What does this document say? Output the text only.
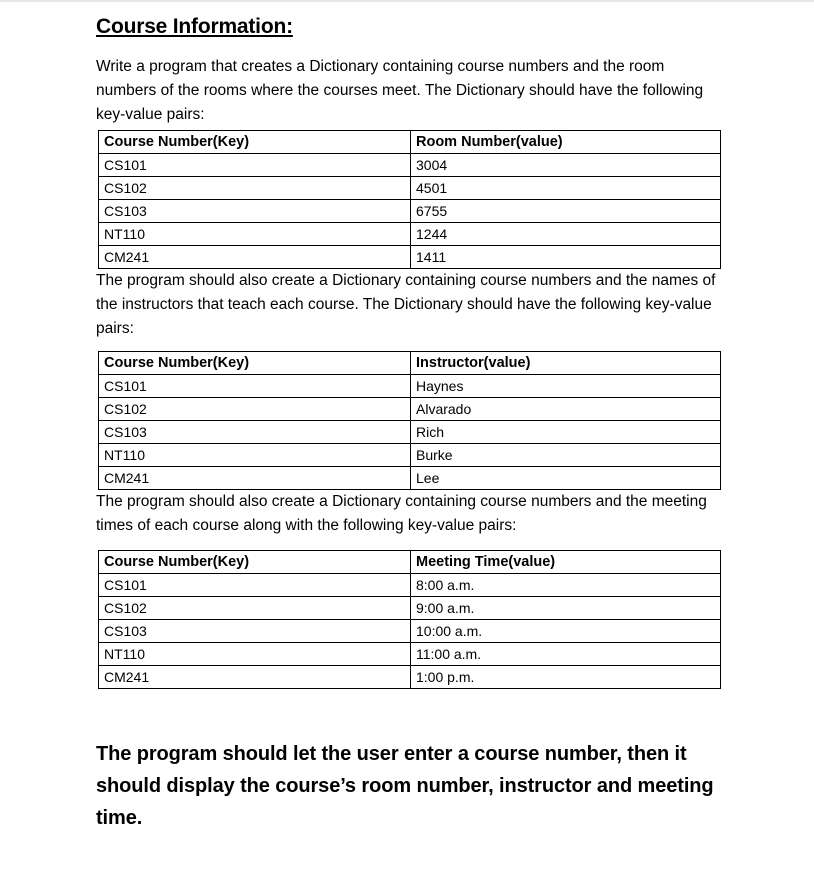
Course Information:

Write a program that creates a Dictionary containing course numbers and the room numbers of the rooms where the courses meet. The Dictionary should have the following key-value pairs:

Course Number(Key)	Room Number(value)
CS101	3004
CS102	4501
CS103	6755
NT110	1244
CM241	1411

The program should also create a Dictionary containing course numbers and the names of the instructors that teach each course. The Dictionary should have the following key-value pairs:

Course Number(Key)	Instructor(value)
CS101	Haynes
CS102	Alvarado
CS103	Rich
NT110	Burke
CM241	Lee

The program should also create a Dictionary containing course numbers and the meeting times of each course along with the following key-value pairs:

Course Number(Key)	Meeting Time(value)
CS101	8:00 a.m.
CS102	9:00 a.m.
CS103	10:00 a.m.
NT110	11:00 a.m.
CM241	1:00 p.m.

The program should let the user enter a course number, then it should display the course’s room number, instructor and meeting time.
